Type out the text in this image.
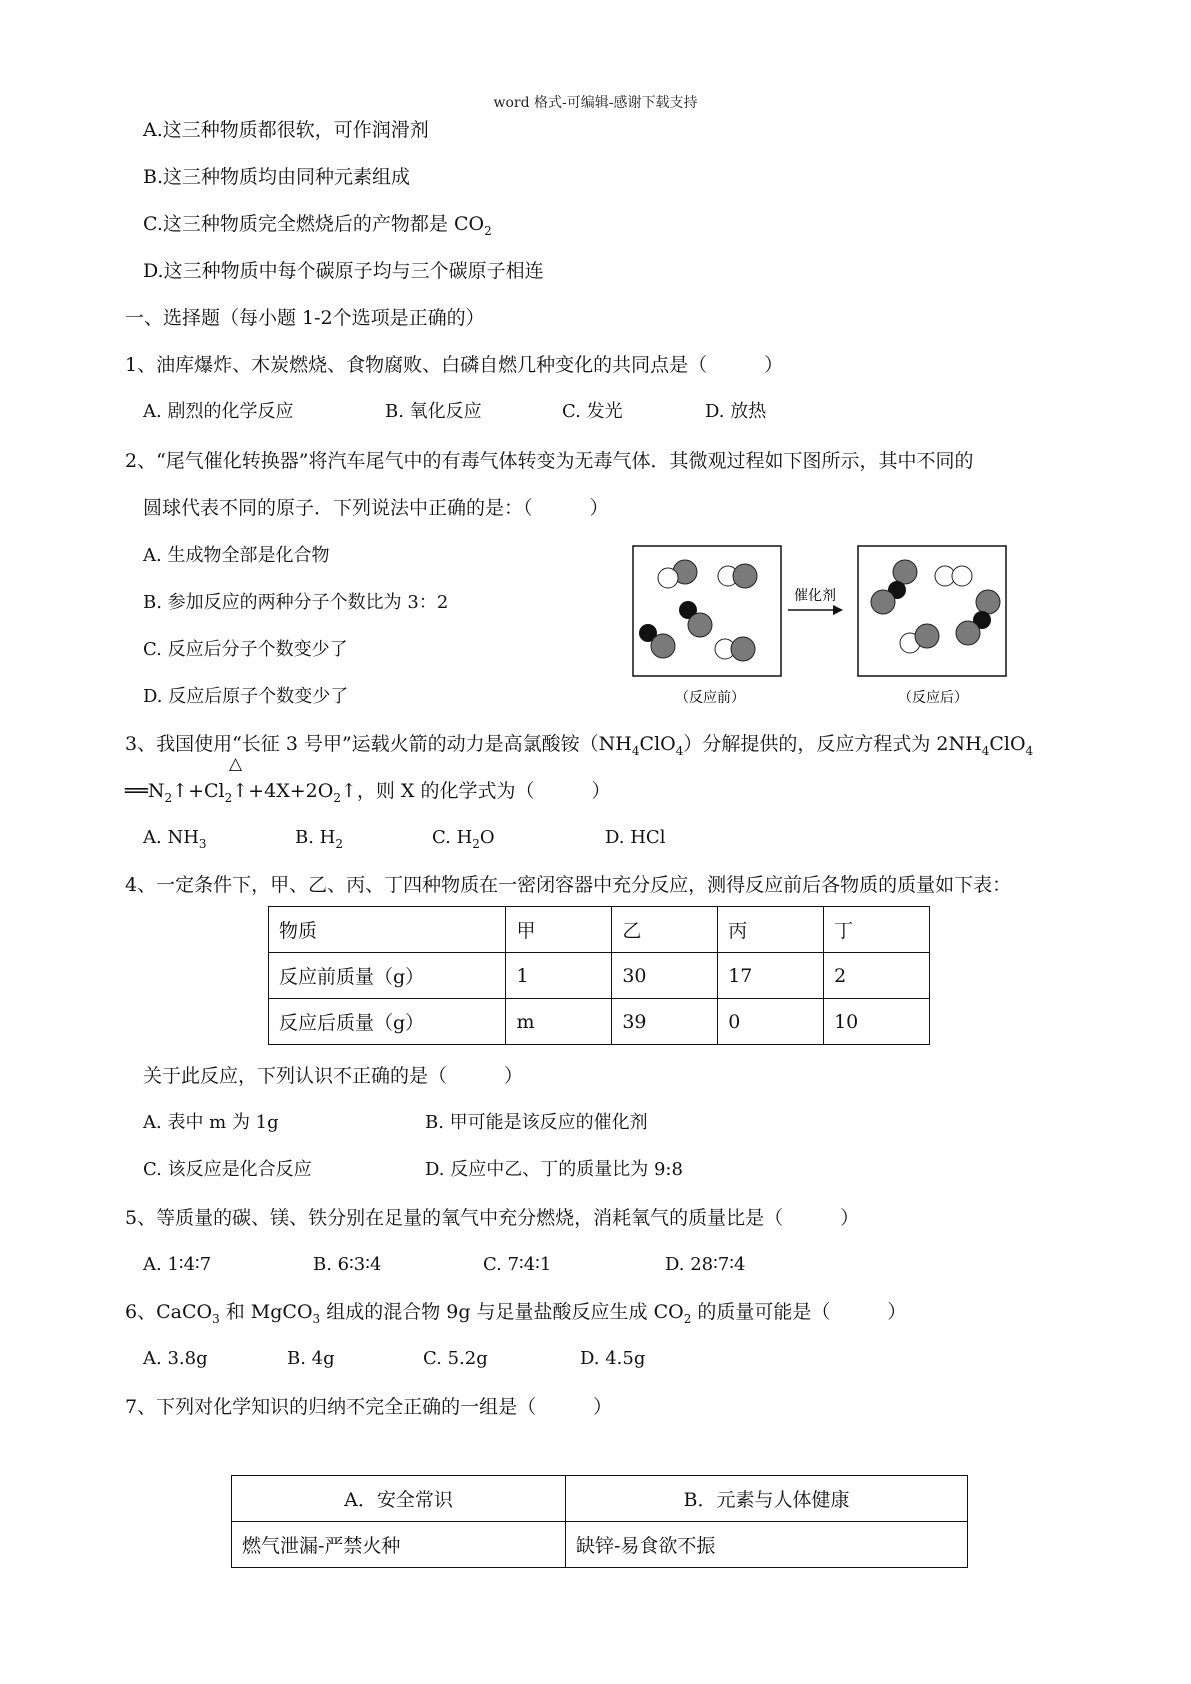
word 格式-可编辑-感谢下载支持
A.这三种物质都很软，可作润滑剂
B.这三种物质均由同种元素组成
C.这三种物质完全燃烧后的产物都是 $CO_2$
D.这三种物质中每个碳原子均与三个碳原子相连
一、选择题（每小题 1-2个选项是正确的）
1、油库爆炸、木炭燃烧、食物腐败、白磷自燃几种变化的共同点是（　　　）
A. 剧烈的化学反应	B. 氧化反应	C. 发光	D. 放热
2、“尾气催化转换器”将汽车尾气中的有毒气体转变为无毒气体．其微观过程如下图所示，其中不同的
圆球代表不同的原子．下列说法中正确的是：（　　　）
A. 生成物全部是化合物
B. 参加反应的两种分子个数比为 3：2
C. 反应后分子个数变少了
D. 反应后原子个数变少了	（反应前）
催化剂
（反应后）
3、我国使用“长征 3 号甲”运载火箭的动力是高氯酸铵$(NH_4ClO_4)$分解提供的，反应方程式为 $2NH_4ClO_4$
△
$══N_2↑+Cl_2↑+4X+2O_2↑$，则 X 的化学式为（　　　）
A. $NH_3$	B. $H_2$	C. $H_2O$	D. HCl
4、一定条件下，甲、乙、丙、丁四种物质在一密闭容器中充分反应，测得反应前后各物质的质量如下表：
物质	甲	乙	丙	丁
反应前质量（g）	1	30	17	2
反应后质量（g）	m	39	0	10
关于此反应，下列认识不正确的是（　　　）
A. 表中 m 为 1g	B. 甲可能是该反应的催化剂
C. 该反应是化合反应	D. 反应中乙、丁的质量比为 9:8
5、等质量的碳、镁、铁分别在足量的氧气中充分燃烧，消耗氧气的质量比是（　　　）
A. 1∶4∶7	B. 6∶3∶4	C. 7∶4∶1	D. 28∶7∶4
6、CaCO$_3$ 和 MgCO$_3$ 组成的混合物 9g 与足量盐酸反应生成 $CO_2$ 的质量可能是（　　　）
A. 3.8g	B. 4g	C. 5.2g	D. 4.5g
7、下列对化学知识的归纳不完全正确的一组是（　　　）
A．安全常识	B．元素与人体健康
燃气泄漏-严禁火种	缺锌-易食欲不振
